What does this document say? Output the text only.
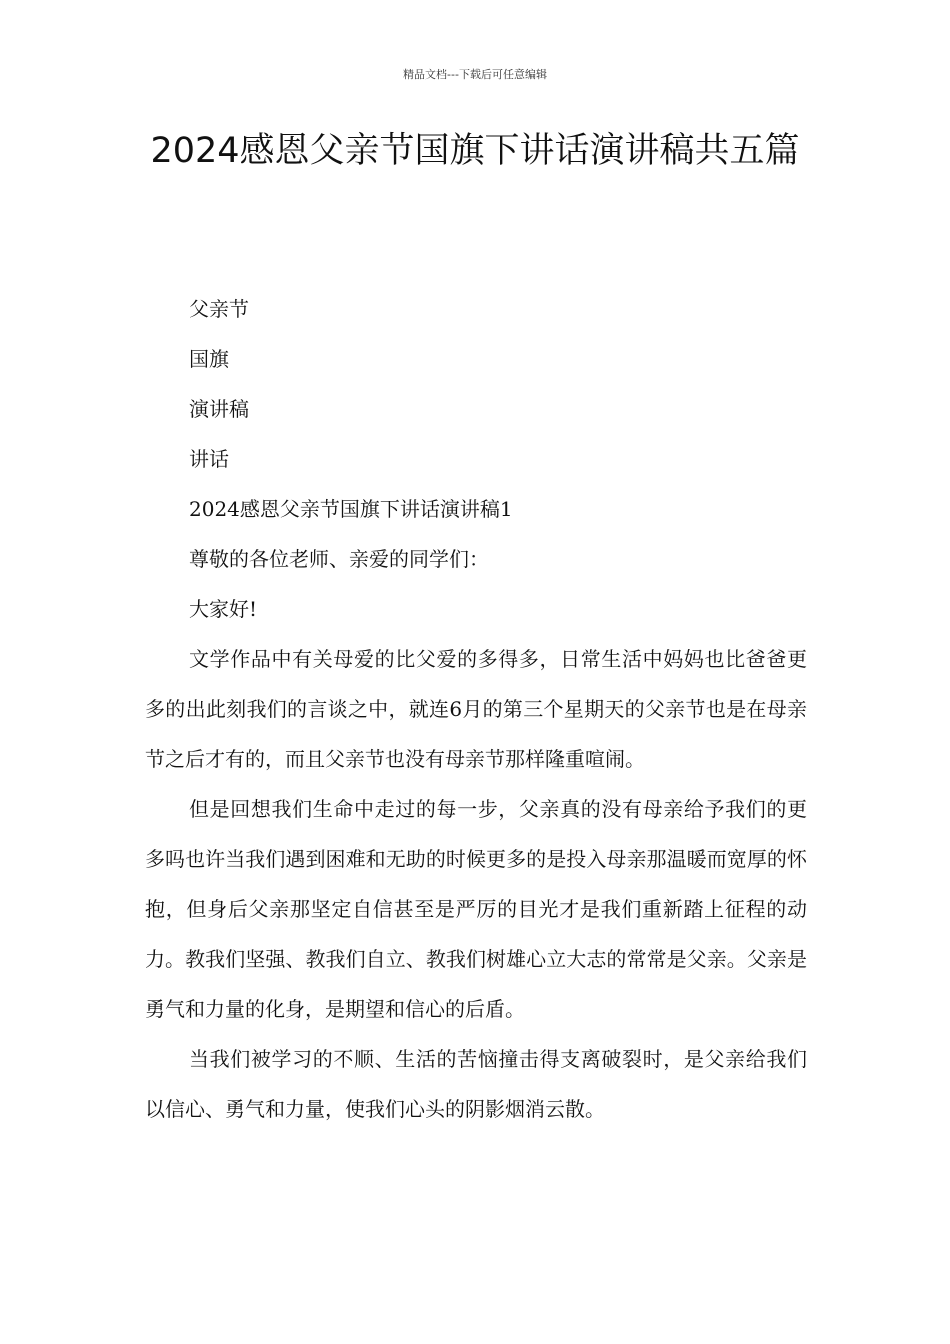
精品文档---下载后可任意编辑
2024感恩父亲节国旗下讲话演讲稿共五篇

父亲节

国旗

演讲稿

讲话

2024感恩父亲节国旗下讲话演讲稿1

尊敬的各位老师、亲爱的同学们：

大家好!

文学作品中有关母爱的比父爱的多得多，日常生活中妈妈也比爸爸更多的出此刻我们的言谈之中，就连6月的第三个星期天的父亲节也是在母亲节之后才有的，而且父亲节也没有母亲节那样隆重喧闹。

但是回想我们生命中走过的每一步，父亲真的没有母亲给予我们的更多吗也许当我们遇到困难和无助的时候更多的是投入母亲那温暖而宽厚的怀抱，但身后父亲那坚定自信甚至是严厉的目光才是我们重新踏上征程的动力。教我们坚强、教我们自立、教我们树雄心立大志的常常是父亲。父亲是勇气和力量的化身，是期望和信心的后盾。

当我们被学习的不顺、生活的苦恼撞击得支离破裂时，是父亲给我们以信心、勇气和力量，使我们心头的阴影烟消云散。
